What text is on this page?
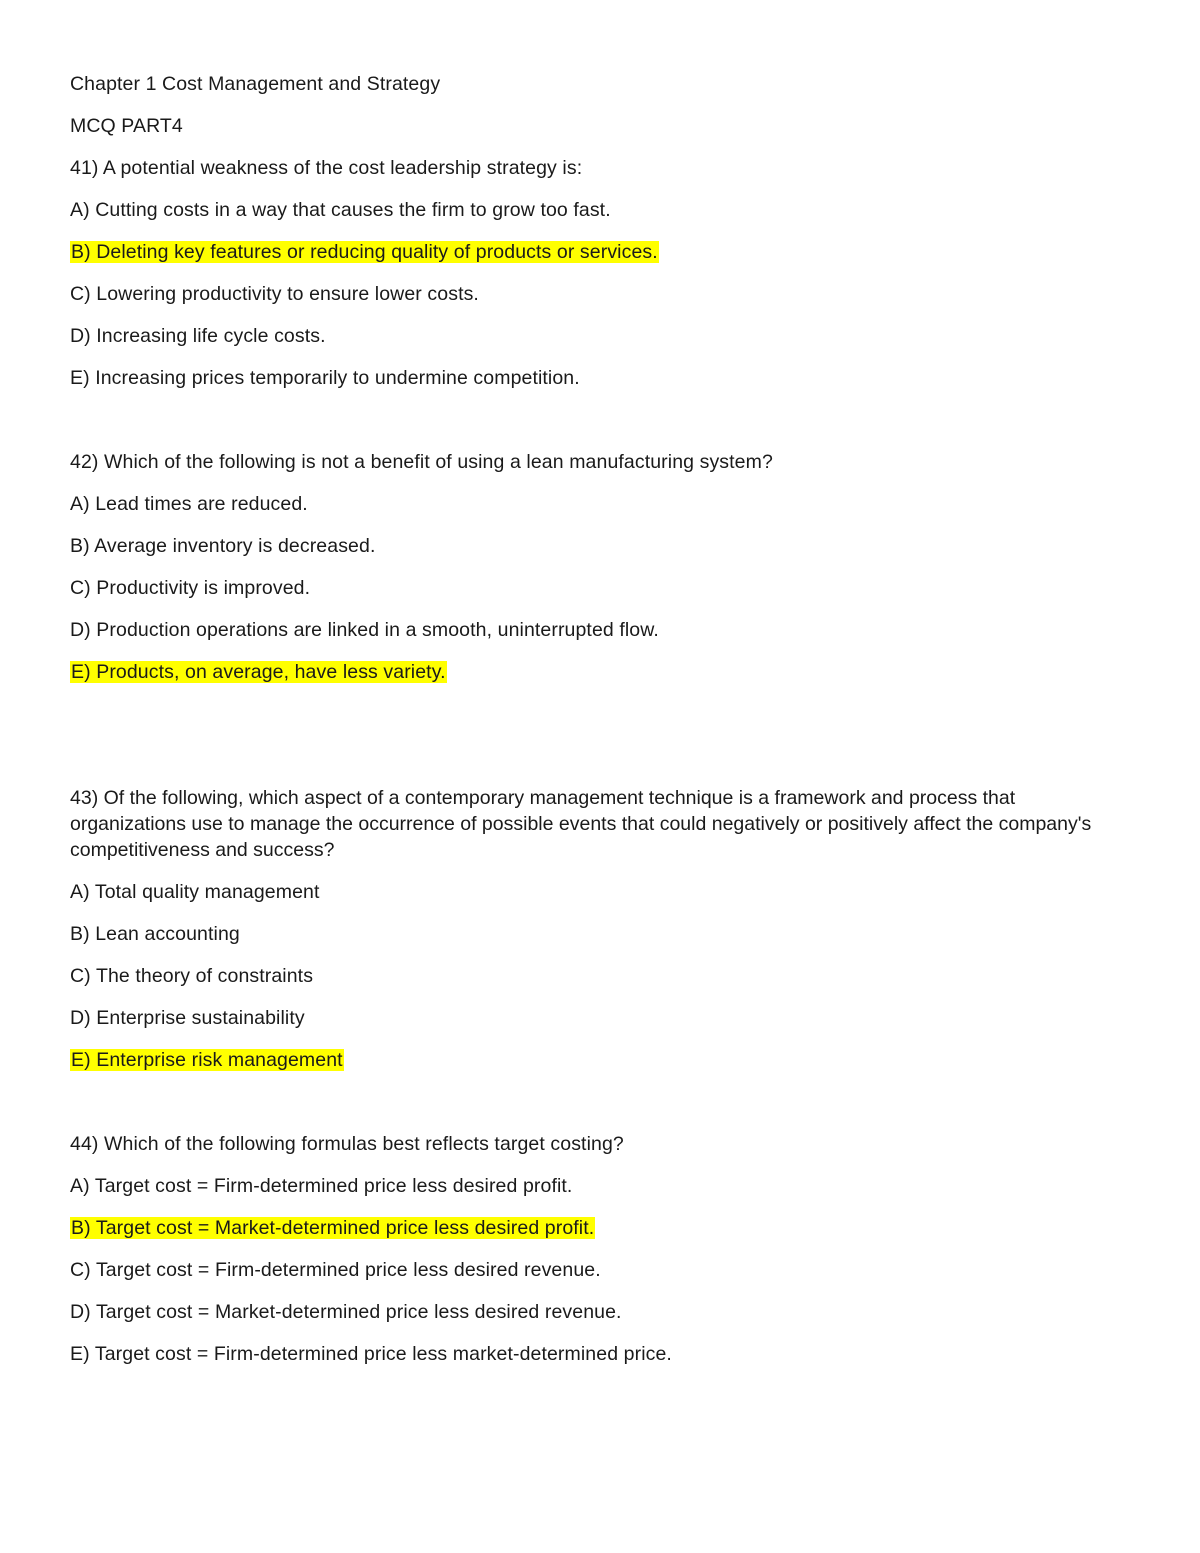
Chapter 1 Cost Management and Strategy
MCQ PART4
41) A potential weakness of the cost leadership strategy is:
A) Cutting costs in a way that causes the firm to grow too fast.
B) Deleting key features or reducing quality of products or services.
C) Lowering productivity to ensure lower costs.
D) Increasing life cycle costs.
E) Increasing prices temporarily to undermine competition.
42) Which of the following is not a benefit of using a lean manufacturing system?
A) Lead times are reduced.
B) Average inventory is decreased.
C) Productivity is improved.
D) Production operations are linked in a smooth, uninterrupted flow.
E) Products, on average, have less variety.
43) Of the following, which aspect of a contemporary management technique is a framework and process that organizations use to manage the occurrence of possible events that could negatively or positively affect the company's competitiveness and success?
A) Total quality management
B) Lean accounting
C) The theory of constraints
D) Enterprise sustainability
E) Enterprise risk management
44) Which of the following formulas best reflects target costing?
A) Target cost = Firm-determined price less desired profit.
B) Target cost = Market-determined price less desired profit.
C) Target cost = Firm-determined price less desired revenue.
D) Target cost = Market-determined price less desired revenue.
E) Target cost = Firm-determined price less market-determined price.
